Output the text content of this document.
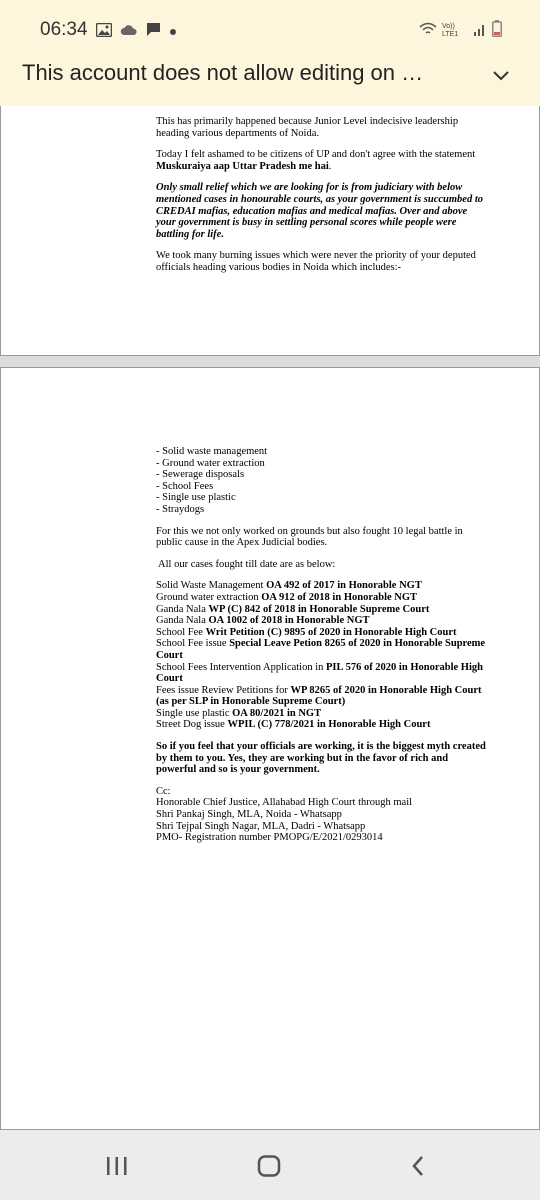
06:34	Vo)) LTE1
This account does not allow editing on …

This has primarily happened because Junior Level indecisive leadership heading various departments of Noida.

Today I felt ashamed to be citizens of UP and don't agree with the statement Muskuraiya aap Uttar Pradesh me hai.

Only small relief which we are looking for is from judiciary with below mentioned cases in honourable courts, as your government is succumbed to CREDAI mafias, education mafias and medical mafias. Over and above your government is busy in settling personal scores while people were battling for life.

We took many burning issues which were never the priority of your deputed officials heading various bodies in Noida which includes:-

- Solid waste management
- Ground water extraction
- Sewerage disposals
- School Fees
- Single use plastic
- Straydogs

For this we not only worked on grounds but also fought 10 legal battle in public cause in the Apex Judicial bodies.

All our cases fought till date are as below:

Solid Waste Management OA 492 of 2017 in Honorable NGT
Ground water extraction OA 912 of 2018 in Honorable NGT
Ganda Nala WP (C) 842 of 2018 in Honorable Supreme Court
Ganda Nala OA 1002 of 2018 in Honorable NGT
School Fee Writ Petition (C) 9895 of 2020 in Honorable High Court
School Fee issue Special Leave Petion 8265 of 2020 in Honorable Supreme Court
School Fees Intervention Application in PIL 576 of 2020 in Honorable High Court
Fees issue Review Petitions for WP 8265 of 2020 in Honorable High Court (as per SLP in Honorable Supreme Court)
Single use plastic OA 80/2021 in NGT
Street Dog issue WPIL (C) 778/2021 in Honorable High Court

So if you feel that your officials are working, it is the biggest myth created by them to you. Yes, they are working but in the favor of rich and powerful and so is your government.

Cc:
Honorable Chief Justice, Allahabad High Court through mail
Shri Pankaj Singh, MLA, Noida - Whatsapp
Shri Tejpal Singh Nagar, MLA, Dadri - Whatsapp
PMO- Registration number PMOPG/E/2021/0293014
